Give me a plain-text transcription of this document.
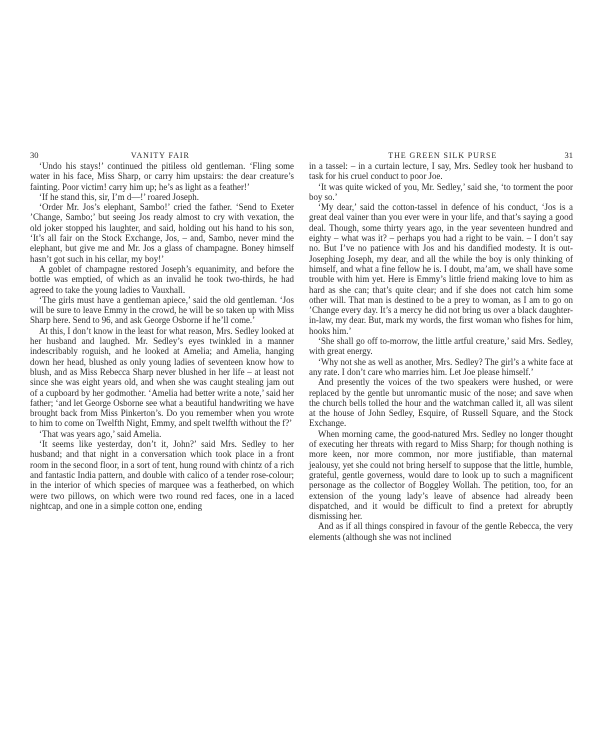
30	VANITY FAIR

‘Undo his stays!’ continued the pitiless old gentleman. ‘Fling some water in his face, Miss Sharp, or carry him upstairs: the dear creature’s fainting. Poor victim! carry him up; he’s as light as a feather!’

‘If he stand this, sir, I’m d—!’ roared Joseph.

‘Order Mr. Jos’s elephant, Sambo!’ cried the father. ‘Send to Exeter ’Change, Sambo;’ but seeing Jos ready almost to cry with vexation, the old joker stopped his laughter, and said, holding out his hand to his son, ‘It’s all fair on the Stock Exchange, Jos, – and, Sambo, never mind the elephant, but give me and Mr. Jos a glass of champagne. Boney himself hasn’t got such in his cellar, my boy!’

A goblet of champagne restored Joseph’s equanimity, and before the bottle was emptied, of which as an invalid he took two-thirds, he had agreed to take the young ladies to Vauxhall.

‘The girls must have a gentleman apiece,’ said the old gentleman. ‘Jos will be sure to leave Emmy in the crowd, he will be so taken up with Miss Sharp here. Send to 96, and ask George Osborne if he’ll come.’

At this, I don’t know in the least for what reason, Mrs. Sedley looked at her husband and laughed. Mr. Sedley’s eyes twinkled in a manner indescribably roguish, and he looked at Amelia; and Amelia, hanging down her head, blushed as only young ladies of seventeen know how to blush, and as Miss Rebecca Sharp never blushed in her life – at least not since she was eight years old, and when she was caught stealing jam out of a cupboard by her godmother. ‘Amelia had better write a note,’ said her father; ‘and let George Osborne see what a beautiful handwriting we have brought back from Miss Pinkerton’s. Do you remember when you wrote to him to come on Twelfth Night, Emmy, and spelt twelfth without the f?’

‘That was years ago,’ said Amelia.

‘It seems like yesterday, don’t it, John?’ said Mrs. Sedley to her husband; and that night in a conversation which took place in a front room in the second floor, in a sort of tent, hung round with chintz of a rich and fantastic India pattern, and double with calico of a tender rose-colour; in the interior of which species of marquee was a featherbed, on which were two pillows, on which were two round red faces, one in a laced nightcap, and one in a simple cotton one, ending

THE GREEN SILK PURSE	31

in a tassel: – in a curtain lecture, I say, Mrs. Sedley took her husband to task for his cruel conduct to poor Joe.

‘It was quite wicked of you, Mr. Sedley,’ said she, ‘to torment the poor boy so.’

‘My dear,’ said the cotton-tassel in defence of his conduct, ‘Jos is a great deal vainer than you ever were in your life, and that’s saying a good deal. Though, some thirty years ago, in the year seventeen hundred and eighty – what was it? – perhaps you had a right to be vain. – I don’t say no. But I’ve no patience with Jos and his dandified modesty. It is out-Josephing Joseph, my dear, and all the while the boy is only thinking of himself, and what a fine fellow he is. I doubt, ma’am, we shall have some trouble with him yet. Here is Emmy’s little friend making love to him as hard as she can; that’s quite clear; and if she does not catch him some other will. That man is destined to be a prey to woman, as I am to go on ’Change every day. It’s a mercy he did not bring us over a black daughter-in-law, my dear. But, mark my words, the first woman who fishes for him, hooks him.’

‘She shall go off to-morrow, the little artful creature,’ said Mrs. Sedley, with great energy.

‘Why not she as well as another, Mrs. Sedley? The girl’s a white face at any rate. I don’t care who marries him. Let Joe please himself.’

And presently the voices of the two speakers were hushed, or were replaced by the gentle but unromantic music of the nose; and save when the church bells tolled the hour and the watchman called it, all was silent at the house of John Sedley, Esquire, of Russell Square, and the Stock Exchange.

When morning came, the good-natured Mrs. Sedley no longer thought of executing her threats with regard to Miss Sharp; for though nothing is more keen, nor more common, nor more justifiable, than maternal jealousy, yet she could not bring herself to suppose that the little, humble, grateful, gentle governess, would dare to look up to such a magnificent personage as the collector of Boggley Wollah. The petition, too, for an extension of the young lady’s leave of absence had already been dispatched, and it would be difficult to find a pretext for abruptly dismissing her.

And as if all things conspired in favour of the gentle Rebecca, the very elements (although she was not inclined
